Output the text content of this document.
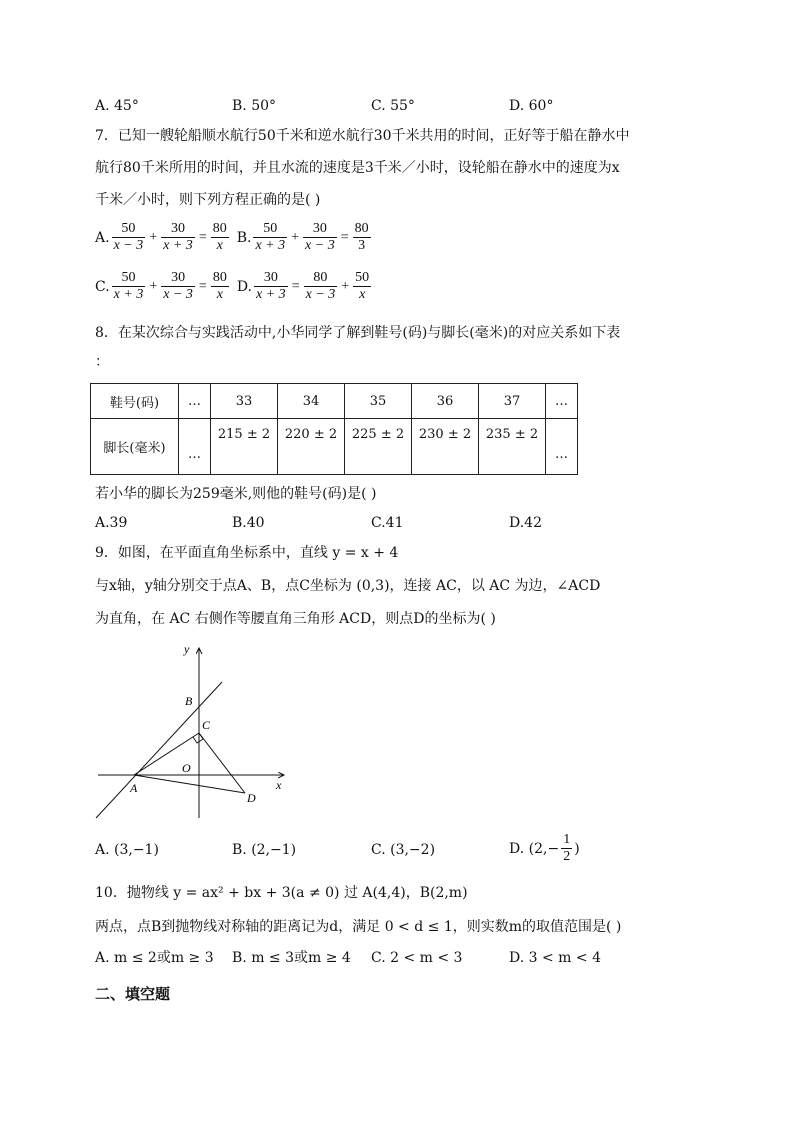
A. 45°	B. 50°	C. 55°	D. 60°
7．已知一艘轮船顺水航行50千米和逆水航行30千米共用的时间，正好等于船在静水中
航行80千米所用的时间，并且水流的速度是3千米／小时，设轮船在静水中的速度为x
千米／小时，则下列方程正确的是( )
A. $\frac{50}{x - 3} + \frac{30}{x + 3} = \frac{80}{x} B$. $\frac{50}{x + 3} + \frac{30}{x - 3} = \frac{80}{3}$
C. $\frac{50}{x + 3} + \frac{30}{x - 3} = \frac{80}{x} D$. $\frac{30}{x + 3} = \frac{80}{x - 3} + \frac{50}{x}$
8．在某次综合与实践活动中,小华同学了解到鞋号(码)与脚长(毫米)的对应关系如下表
：
鞋号(码)	…	33	34	35	36	37	…
脚长(毫米)	…	215 ± 2	220 ± 2	225 ± 2	230 ± 2	235 ± 2	…
若小华的脚长为259毫米,则他的鞋号(码)是( )
A.39	B.40	C.41	D.42
9．如图，在平面直角坐标系中，直线 y = x + 4
与x轴，y轴分别交于点A、B，点C坐标为 (0,3)，连接 AC，以 AC 为边，∠ACD
为直角，在 AC 右侧作等腰直角三角形 ACD，则点D的坐标为( )
y
x
B
C
O
A
D
A. (3,−1)	B. (2,−1)	C. (3,−2)	D. ($2,- \frac{1}{2}$ )
10．抛物线 y = ax² + bx + 3(a ≠ 0) 过 A(4,4)，B(2,m)
两点，点B到抛物线对称轴的距离记为d，满足 0 < d ≤ 1，则实数m的取值范围是( )
A. m ≤ 2或m ≥ 3 B. m ≤ 3或m ≥ 4 C. 2 < m < 3	D. 3 < m < 4
二、填空题
